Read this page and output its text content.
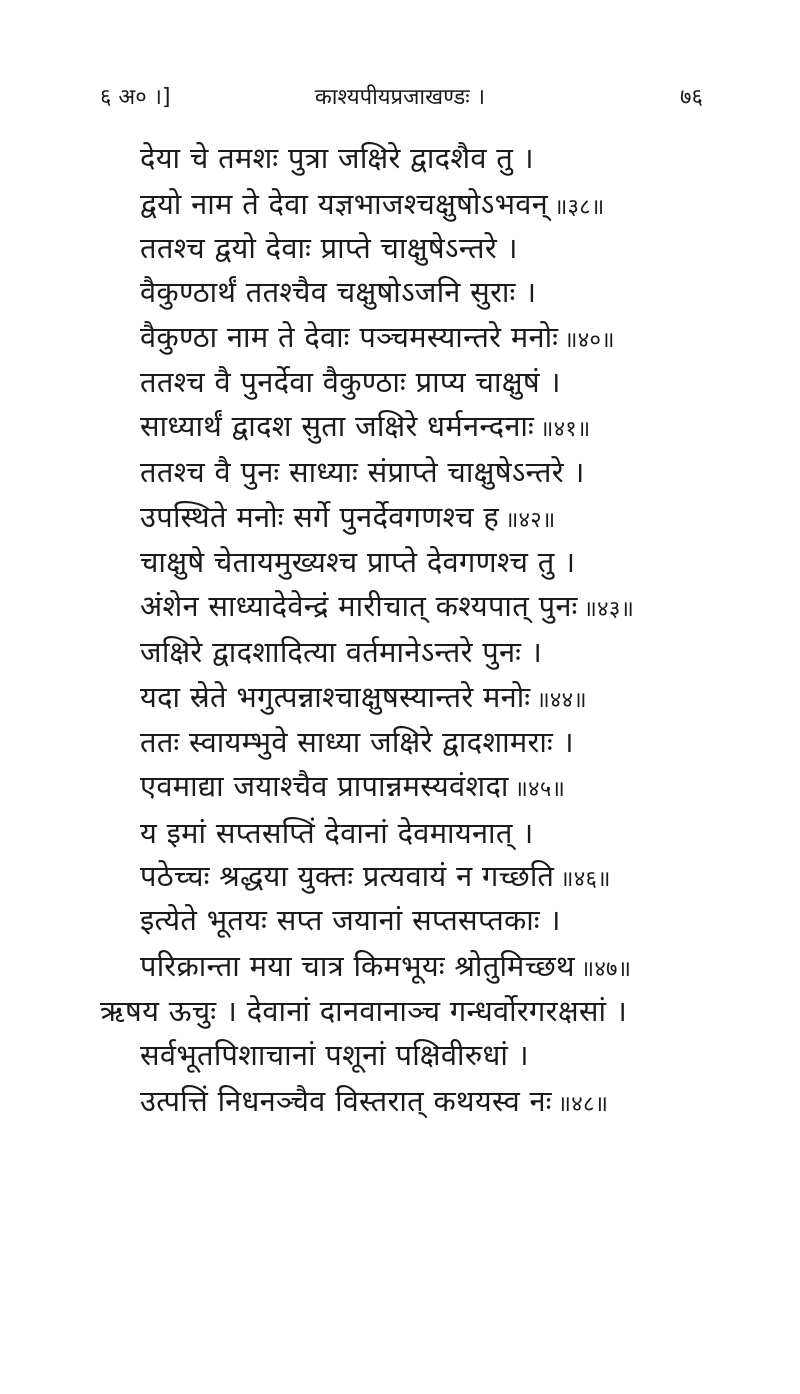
६ अ० ।]	काश्यपीयप्रजाखण्डः ।	७६
देया चे तमशः पुत्रा जक्षिरे द्वादशैव तु ।
द्वयो नाम ते देवा यज्ञभाजश्चक्षुषोऽभवन् ॥३८॥
ततश्च द्वयो देवाः प्राप्ते चाक्षुषेऽन्तरे ।
वैकुण्ठार्थं ततश्चैव चक्षुषोऽजनि सुराः ।
वैकुण्ठा नाम ते देवाः पञ्चमस्यान्तरे मनोः ॥४०॥
ततश्च वै पुनर्देवा वैकुण्ठाः प्राप्य चाक्षुषं ।
साध्यार्थं द्वादश सुता जक्षिरे धर्मनन्दनाः ॥४१॥
ततश्च वै पुनः साध्याः संप्राप्ते चाक्षुषेऽन्तरे ।
उपस्थिते मनोः सर्गे पुनर्देवगणश्च ह ॥४२॥
चाक्षुषे चेतायमुख्यश्च प्राप्ते देवगणश्च तु ।
अंशेन साध्यादेवेन्द्रं मारीचात् कश्यपात् पुनः ॥४३॥
जक्षिरे द्वादशादित्या वर्तमानेऽन्तरे पुनः ।
यदा स्रेते भगुत्पन्नाश्चाक्षुषस्यान्तरे मनोः ॥४४॥
ततः स्वायम्भुवे साध्या जक्षिरे द्वादशामराः ।
एवमाद्या जयाश्चैव प्रापान्नमस्यवंशदा ॥४५॥
य इमां सप्तसप्तिं देवानां देवमायनात् ।
पठेच्चः श्रद्धया युक्तः प्रत्यवायं न गच्छति ॥४६॥
इत्येते भूतयः सप्त जयानां सप्तसप्तकाः ।
परिक्रान्ता मया चात्र किमभूयः श्रोतुमिच्छथ ॥४७॥
ऋषय ऊचुः । देवानां दानवानाञ्च गन्धर्वोरगरक्षसां ।
सर्वभूतपिशाचानां पशूनां पक्षिवीरुधां ।
उत्पत्तिं निधनञ्चैव विस्तरात् कथयस्व नः ॥४८॥
